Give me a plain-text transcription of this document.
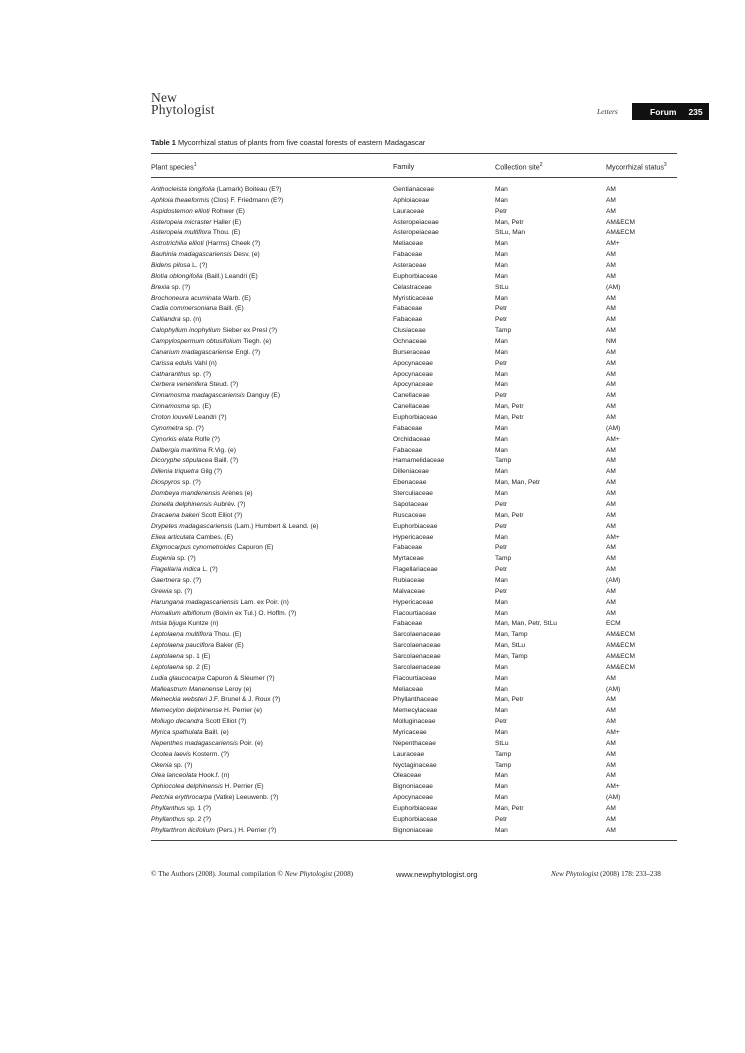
New
Phytologist	Letters	Forum 235
Table 1 Mycorrhizal status of plants from five coastal forests of eastern Madagascar
Plant species$^1$	Family	Collection site$^2$	Mycorrhizal status$^3$
Anthocleista longifolia (Lamark) Boiteau (E?)	Gentianaceae	Man	AM
Aphloia theaeformis (Clos) F. Friedmann (E?)	Aphloiaceae	Man	AM
Aspidostemon ellioti Rohwer (E)	Lauraceae	Petr	AM
Asteropeia micraster Haller (E)	Asteropeiaceae	Man, Petr	AM&ECM
Asteropeia multiflora Thou. (E)	Asteropeiaceae	StLu, Man	AM&ECM
Astrotrichilia ellioti (Harms) Cheek (?)	Meliaceae	Man	AM+
Bauhinia madagascariensis Desv. (e)	Fabaceae	Man	AM
Bidens pilosa L. (?)	Asteraceae	Man	AM
Blotia oblongifolia (Baill.) Leandri (E)	Euphorbiaceae	Man	AM
Brexia sp. (?)	Celastraceae	StLu	(AM)
Brochoneura acuminata Warb. (E)	Myristicaceae	Man	AM
Cadia commersoniana Baill. (E)	Fabaceae	Petr	AM
Calliandra sp. (n)	Fabaceae	Petr	AM
Calophyllum inophyllum Sieber ex Presl (?)	Clusiaceae	Tamp	AM
Campylospermum obtusifolium Tiegh. (e)	Ochnaceae	Man	NM
Canarium madagascariense Engl. (?)	Burseraceae	Man	AM
Carissa edulis Vahl (n)	Apocynaceae	Petr	AM
Catharanthus sp. (?)	Apocynaceae	Man	AM
Cerbera venenifera Steud. (?)	Apocynaceae	Man	AM
Cinnamosma madagascariensis Danguy (E)	Canellaceae	Petr	AM
Cinnamosma sp. (E)	Canellaceae	Man, Petr	AM
Croton louvelii Leandri (?)	Euphorbiaceae	Man, Petr	AM
Cynometra sp. (?)	Fabaceae	Man	(AM)
Cynorkis elata Rolfe (?)	Orchidaceae	Man	AM+
Dalbergia maritima R.Vig. (e)	Fabaceae	Man	AM
Dicoryphe stipulacea Baill. (?)	Hamamelidaceae	Tamp	AM
Dillenia triquetra Gilg (?)	Dilleniaceae	Man	AM
Diospyros sp. (?)	Ebenaceae	Man, Man, Petr	AM
Dombeya mandenensis Arènes (e)	Sterculiaceae	Man	AM
Donella delphinensis Aubrév. (?)	Sapotaceae	Petr	AM
Dracaena bakeri Scott Elliot (?)	Ruscaceae	Man, Petr	AM
Drypetes madagascariensis (Lam.) Humbert & Leand. (e)	Euphorbiaceae	Petr	AM
Eliea articulata Cambes. (E)	Hypericaceae	Man	AM+
Eligmocarpus cynometroides Capuron (E)	Fabaceae	Petr	AM
Eugenia sp. (?)	Myrtaceae	Tamp	AM
Flagellaria indica L. (?)	Flagellariaceae	Petr	AM
Gaertnera sp. (?)	Rubiaceae	Man	(AM)
Grewia sp. (?)	Malvaceae	Petr	AM
Harungana madagascariensis Lam. ex Poir. (n)	Hypericaceae	Man	AM
Homalium albiflorum (Boivin ex Tul.) O. Hoffm. (?)	Flacourtiaceae	Man	AM
Intsia bijuga Kuntze (n)	Fabaceae	Man, Man, Petr, StLu	ECM
Leptolaena multiflora Thou. (E)	Sarcolaenaceae	Man, Tamp	AM&ECM
Leptolaena pauciflora Baker (E)	Sarcolaenaceae	Man, StLu	AM&ECM
Leptolaena sp. 1 (E)	Sarcolaenaceae	Man, Tamp	AM&ECM
Leptolaena sp. 2 (E)	Sarcolaenaceae	Man	AM&ECM
Ludia glaucocarpa Capuron & Sleumer (?)	Flacourtiaceae	Man	AM
Malleastrum Manenense Leroy (e)	Meliaceae	Man	(AM)
Meineckia websteri J.F. Brunel & J. Roux (?)	Phyllanthaceae	Man, Petr	AM
Memecylon delphinense H. Perrier (e)	Memecylaceae	Man	AM
Mollugo decandra Scott Elliot (?)	Molluginaceae	Petr	AM
Myrica spathulata Baill. (e)	Myricaceae	Man	AM+
Nepenthes madagascariensis Poir. (e)	Nepenthaceae	StLu	AM
Ocotea laevis Kosterm. (?)	Lauraceae	Tamp	AM
Okenia sp. (?)	Nyctaginaceae	Tamp	AM
Olea lanceolata Hook.f. (n)	Oleaceae	Man	AM
Ophiocolea delphinensis H. Perrier (E)	Bignoniaceae	Man	AM+
Petchia erythrocarpa (Vatke) Leeuwenb. (?)	Apocynaceae	Man	(AM)
Phyllanthus sp. 1 (?)	Euphorbiaceae	Man, Petr	AM
Phyllanthus sp. 2 (?)	Euphorbiaceae	Petr	AM
Phyllarthron ilicifolium (Pers.) H. Perrier (?)	Bignoniaceae	Man	AM
© The Authors (2008). Journal compilation © New Phytologist (2008)	www.newphytologist.org	New Phytologist (2008) 178: 233–238
